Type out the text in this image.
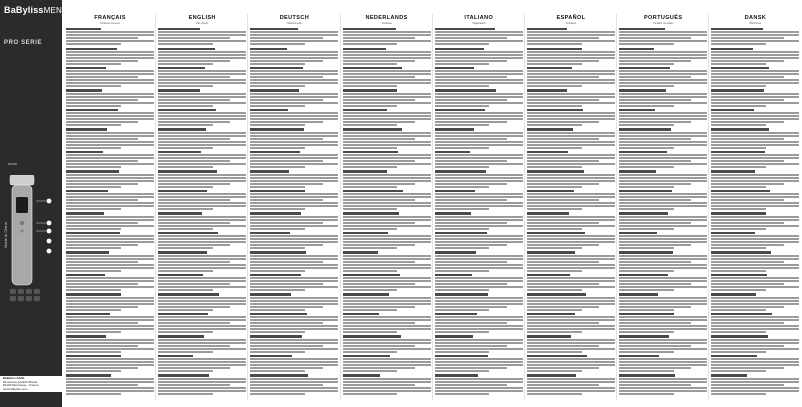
BaBylissMEN
PRO SERIE
E976E
Made in China
BaByliss SARL
99 avenue Aristide Briand
92120 Montrouge - France
www.babyliss.com
Fig. 1	Fig. 2
FRANÇAIS
Tondeuse cheveux
ENGLISH
Hair clipper
DEUTSCH
Haarschneider
NEDERLANDS
Tondeuse
ITALIANO
Tagliacapelli
ESPAÑOL
Cortapelo
PORTUGUÊS
Cortador de cabelo
DANSK
Hårtrimmer
